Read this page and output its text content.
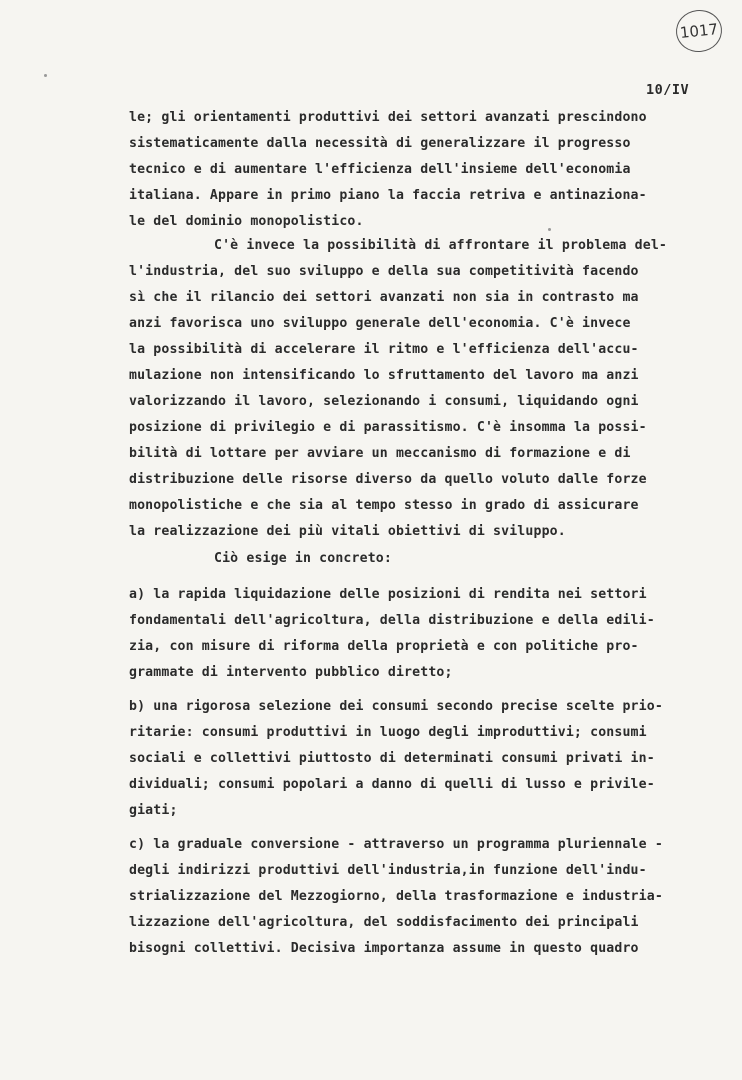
1017
10/IV
le; gli orientamenti produttivi dei settori avanzati prescindono
sistematicamente dalla necessità di generalizzare il progresso
tecnico e di aumentare l'efficienza dell'insieme dell'economia
italiana. Appare in primo piano la faccia retriva e antinaziona-
le del dominio monopolistico.
C'è invece la possibilità di affrontare il problema del-
l'industria, del suo sviluppo e della sua competitività facendo
sì che il rilancio dei settori avanzati non sia in contrasto ma
anzi favorisca uno sviluppo generale dell'economia. C'è invece
la possibilità di accelerare il ritmo e l'efficienza dell'accu-
mulazione non intensificando lo sfruttamento del lavoro ma anzi
valorizzando il lavoro, selezionando i consumi, liquidando ogni
posizione di privilegio e di parassitismo. C'è insomma la possi-
bilità di lottare per avviare un meccanismo di formazione e di
distribuzione delle risorse diverso da quello voluto dalle forze
monopolistiche e che sia al tempo stesso in grado di assicurare
la realizzazione dei più vitali obiettivi di sviluppo.
Ciò esige in concreto:
a) la rapida liquidazione delle posizioni di rendita nei settori
fondamentali dell'agricoltura, della distribuzione e della edili-
zia, con misure di riforma della proprietà e con politiche pro-
grammate di intervento pubblico diretto;
b) una rigorosa selezione dei consumi secondo precise scelte prio-
ritarie: consumi produttivi in luogo degli improduttivi; consumi
sociali e collettivi piuttosto di determinati consumi privati in-
dividuali; consumi popolari a danno di quelli di lusso e privile-
giati;
c) la graduale conversione - attraverso un programma pluriennale -
degli indirizzi produttivi dell'industria,in funzione dell'indu-
strializzazione del Mezzogiorno, della trasformazione e industria-
lizzazione dell'agricoltura, del soddisfacimento dei principali
bisogni collettivi. Decisiva importanza assume in questo quadro
